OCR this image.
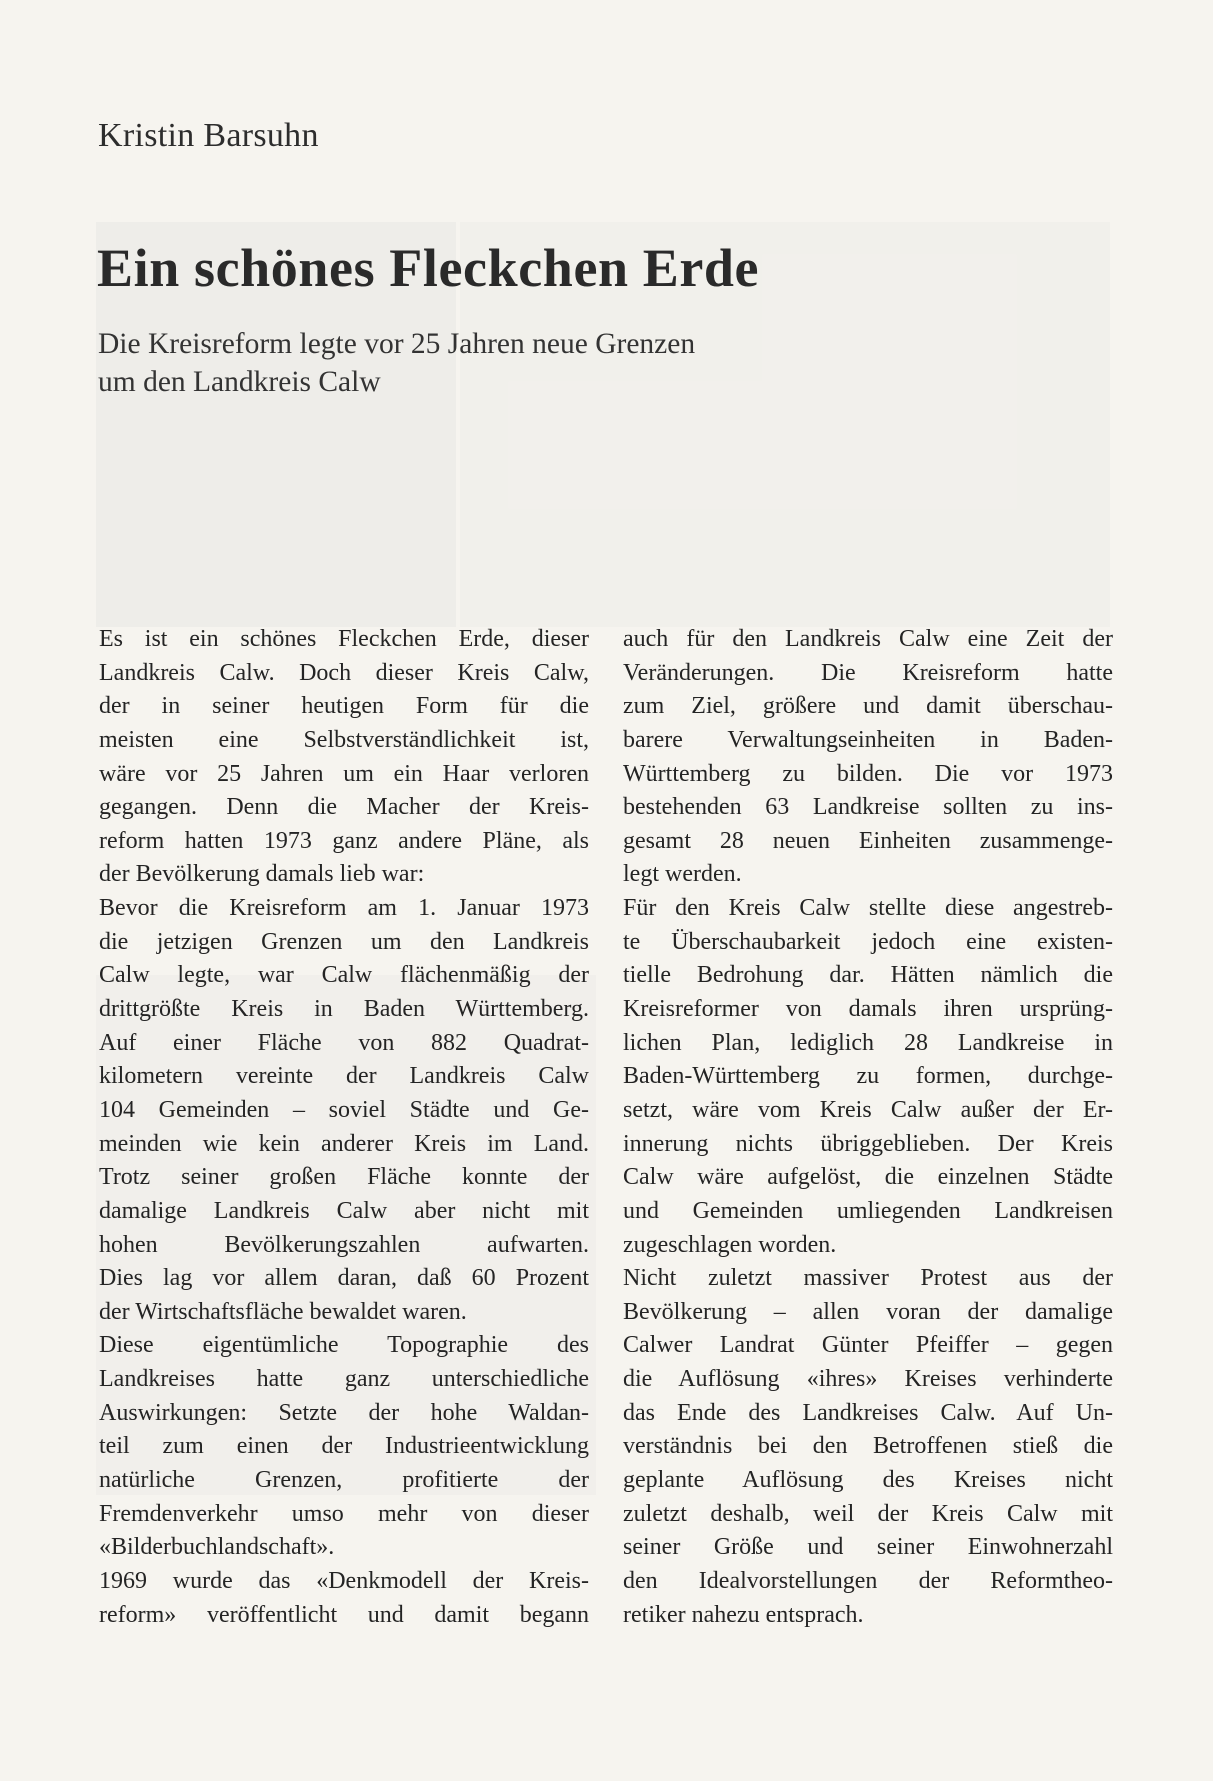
Kristin Barsuhn
Ein schönes Fleckchen Erde
Die Kreisreform legte vor 25 Jahren neue Grenzen
um den Landkreis Calw
Es ist ein schönes Fleckchen Erde, dieser
Landkreis Calw. Doch dieser Kreis Calw,
der in seiner heutigen Form für die
meisten eine Selbstverständlichkeit ist,
wäre vor 25 Jahren um ein Haar verloren
gegangen. Denn die Macher der Kreis-
reform hatten 1973 ganz andere Pläne, als
der Bevölkerung damals lieb war:
Bevor die Kreisreform am 1. Januar 1973
die jetzigen Grenzen um den Landkreis
Calw legte, war Calw flächenmäßig der
drittgrößte Kreis in Baden Württemberg.
Auf einer Fläche von 882 Quadrat-
kilometern vereinte der Landkreis Calw
104 Gemeinden – soviel Städte und Ge-
meinden wie kein anderer Kreis im Land.
Trotz seiner großen Fläche konnte der
damalige Landkreis Calw aber nicht mit
hohen Bevölkerungszahlen aufwarten.
Dies lag vor allem daran, daß 60 Prozent
der Wirtschaftsfläche bewaldet waren.
Diese eigentümliche Topographie des
Landkreises hatte ganz unterschiedliche
Auswirkungen: Setzte der hohe Waldan-
teil zum einen der Industrieentwicklung
natürliche Grenzen, profitierte der
Fremdenverkehr umso mehr von dieser
«Bilderbuchlandschaft».
1969 wurde das «Denkmodell der Kreis-
reform» veröffentlicht und damit begann
auch für den Landkreis Calw eine Zeit der
Veränderungen. Die Kreisreform hatte
zum Ziel, größere und damit überschau-
barere Verwaltungseinheiten in Baden-
Württemberg zu bilden. Die vor 1973
bestehenden 63 Landkreise sollten zu ins-
gesamt 28 neuen Einheiten zusammenge-
legt werden.
Für den Kreis Calw stellte diese angestreb-
te Überschaubarkeit jedoch eine existen-
tielle Bedrohung dar. Hätten nämlich die
Kreisreformer von damals ihren ursprüng-
lichen Plan, lediglich 28 Landkreise in
Baden-Württemberg zu formen, durchge-
setzt, wäre vom Kreis Calw außer der Er-
innerung nichts übriggeblieben. Der Kreis
Calw wäre aufgelöst, die einzelnen Städte
und Gemeinden umliegenden Landkreisen
zugeschlagen worden.
Nicht zuletzt massiver Protest aus der
Bevölkerung – allen voran der damalige
Calwer Landrat Günter Pfeiffer – gegen
die Auflösung «ihres» Kreises verhinderte
das Ende des Landkreises Calw. Auf Un-
verständnis bei den Betroffenen stieß die
geplante Auflösung des Kreises nicht
zuletzt deshalb, weil der Kreis Calw mit
seiner Größe und seiner Einwohnerzahl
den Idealvorstellungen der Reformtheo-
retiker nahezu entsprach.
